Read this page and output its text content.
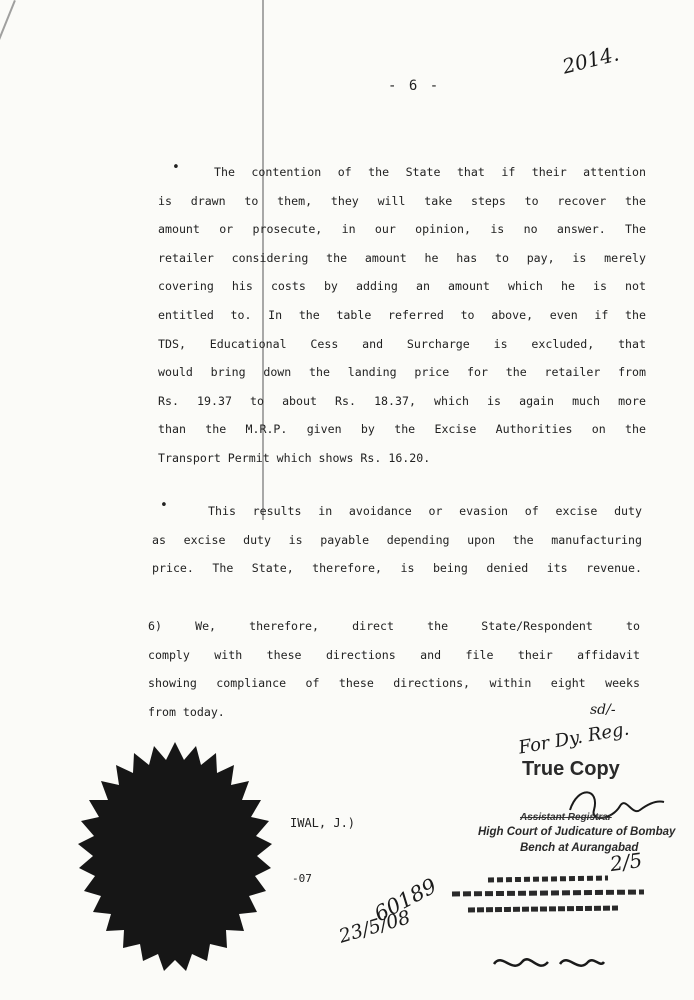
- 6 -
2014.
•	The contention of the State that if their attention
is drawn to them, they will take steps to recover the
amount or prosecute, in our opinion, is no answer. The
retailer considering the amount he has to pay, is merely
covering his costs by adding an amount which he is not
entitled to. In the table referred to above, even if the
TDS, Educational Cess and Surcharge is excluded, that
would bring down the landing price for the retailer from
Rs. 19.37 to about Rs. 18.37, which is again much more
than the M.R.P. given by the Excise Authorities on the
Transport Permit which shows Rs. 16.20.
•	This results in avoidance or evasion of excise duty
as excise duty is payable depending upon the manufacturing
price. The State, therefore, is being denied its revenue.
6) We, therefore, direct the State/Respondent to
comply with these directions and file their affidavit
showing compliance of these directions, within eight weeks
from today.
IWAL, J.)
-07
sd/-
For Dy. Reg.
True Copy
Assistant Registrar
High Court of Judicature of Bombay
Bench at Aurangabad
2/5
60189
23/5/08
